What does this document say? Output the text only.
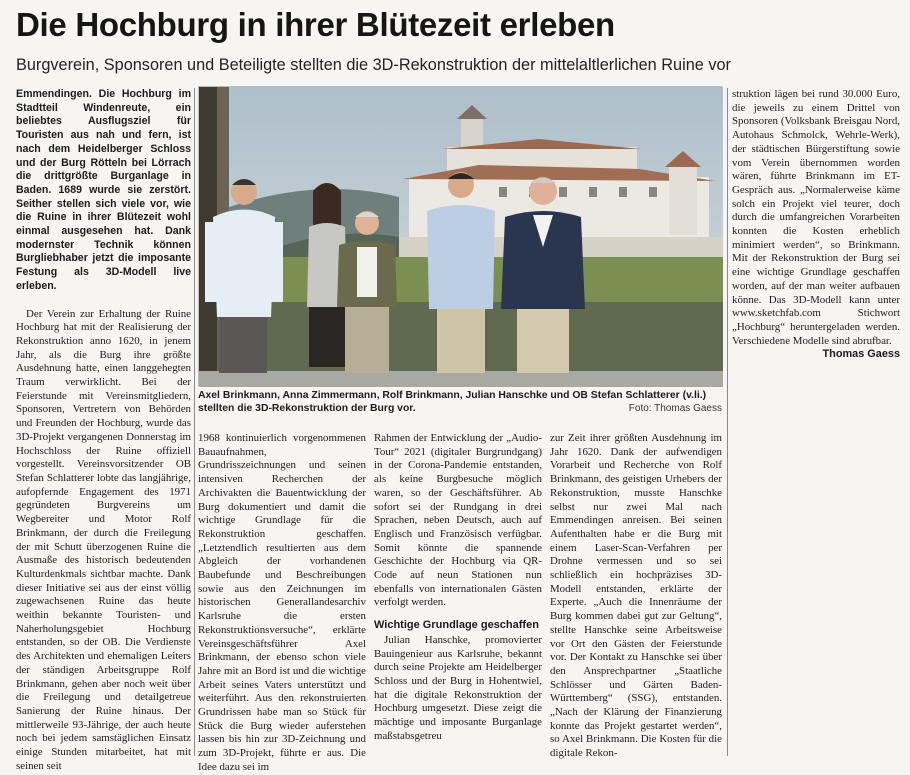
Die Hochburg in ihrer Blütezeit erleben
Burgverein, Sponsoren und Beteiligte stellten die 3D-Rekonstruktion der mittelaltlerlichen Ruine vor

Emmendingen. Die Hochburg im Stadtteil Windenreute, ein beliebtes Ausflugsziel für Touristen aus nah und fern, ist nach dem Heidelberger Schloss und der Burg Rötteln bei Lörrach die drittgrößte Burganlage in Baden. 1689 wurde sie zerstört. Seither stellen sich viele vor, wie die Ruine in ihrer Blütezeit wohl einmal ausgesehen hat. Dank modernster Technik können Burgliebhaber jetzt die imposante Festung als 3D-Modell live erleben.

Der Verein zur Erhaltung der Ruine Hochburg hat mit der Realisierung der Rekonstruktion anno 1620, in jenem Jahr, als die Burg ihre größte Ausdehnung hatte, einen langgehegten Traum verwirklicht. Bei der Feierstunde mit Vereinsmitgliedern, Sponsoren, Vertretern von Behörden und Freunden der Hochburg, wurde das 3D-Projekt vergangenen Donnerstag im Hochschloss der Ruine offiziell vorgestellt. Vereinsvorsitzender OB Stefan Schlatterer lobte das langjährige, aufopfernde Engagement des 1971 gegründeten Burgvereins um Wegbereiter und Motor Rolf Brinkmann, der durch die Freilegung der mit Schutt überzogenen Ruine die Ausmaße des historisch bedeutenden Kulturdenkmals sichtbar machte. Dank dieser Initiative sei aus der einst völlig zugewachsenen Ruine das heute weithin bekannte Touristen- und Naherholungsgebiet Hochburg entstanden, so der OB. Die Verdienste des Architekten und ehemaligen Leiters der ständigen Arbeitsgruppe Rolf Brinkmann, gehen aber noch weit über die Freilegung und detailgetreue Sanierung der Ruine hinaus. Der mittlerweile 93-Jährige, der auch heute noch bei jedem samstäglichen Einsatz einige Stunden mitarbeitet, hat mit seinen seit

Axel Brinkmann, Anna Zimmermann, Rolf Brinkmann, Julian Hanschke und OB Stefan Schlatterer (v.li.) stellten die 3D-Rekonstruktion der Burg vor.	Foto: Thomas Gaess

struktion lägen bei rund 30.000 Euro, die jeweils zu einem Drittel von Sponsoren (Volksbank Breisgau Nord, Autohaus Schmolck, Wehrle-Werk), der städtischen Bürgerstiftung sowie vom Verein übernommen worden wären, führte Brinkmann im ET-Gespräch aus. „Normalerweise käme solch ein Projekt viel teurer, doch durch die umfangreichen Vorarbeiten konnten die Kosten erheblich minimiert werden“, so Brinkmann. Mit der Rekonstruktion der Burg sei eine wichtige Grundlage geschaffen worden, auf der man weiter aufbauen könne. Das 3D-Modell kann unter www.sketchfab.com Stichwort „Hochburg“ heruntergeladen werden. Verschiedene Modelle sind abrufbar.

Thomas Gaess

1968 kontinuierlich vorgenommenen Bauaufnahmen, Grundrisszeichnungen und seinen intensiven Recherchen der Archivakten die Bauentwicklung der Burg dokumentiert und damit die wichtige Grundlage für die Rekonstruktion geschaffen. „Letztendlich resultierten aus dem Abgleich der vorhandenen Baubefunde und Beschreibungen sowie aus den Zeichnungen im historischen Generallandesarchiv Karlsruhe die ersten Rekonstruktionsversuche“, erklärte Vereinsgeschäftsführer Axel Brinkmann, der ebenso schon viele Jahre mit an Bord ist und die wichtige Arbeit seines Vaters unterstützt und weiterführt. Aus den rekonstruierten Grundrissen habe man so Stück für Stück die Burg wieder auferstehen lassen bis hin zur 3D-Zeichnung und zum 3D-Projekt, führte er aus. Die Idee dazu sei im

Rahmen der Entwicklung der „Audio-Tour“ 2021 (digitaler Burgrundgang) in der Corona-Pandemie entstanden, als keine Burgbesuche möglich waren, so der Geschäftsführer. Ab sofort sei der Rundgang in drei Sprachen, neben Deutsch, auch auf Englisch und Französisch verfügbar. Somit könnte die spannende Geschichte der Hochburg via QR-Code auf neun Stationen nun ebenfalls von internationalen Gästen verfolgt werden.

Wichtige Grundlage geschaffen

Julian Hanschke, promovierter Bauingenieur aus Karlsruhe, bekannt durch seine Projekte am Heidelberger Schloss und der Burg in Hohentwiel, hat die digitale Rekonstruktion der Hochburg umgesetzt. Diese zeigt die mächtige und imposante Burganlage maßstabsgetreu

zur Zeit ihrer größten Ausdehnung im Jahr 1620. Dank der aufwendigen Vorarbeit und Recherche von Rolf Brinkmann, des geistigen Urhebers der Rekonstruktion, musste Hanschke selbst nur zwei Mal nach Emmendingen anreisen. Bei seinen Aufenthalten habe er die Burg mit einem Laser-Scan-Verfahren per Drohne vermessen und so sei schließlich ein hochpräzises 3D-Modell entstanden, erklärte der Experte. „Auch die Innenräume der Burg kommen dabei gut zur Geltung“, stellte Hanschke seine Arbeitsweise vor Ort den Gästen der Feierstunde vor. Der Kontakt zu Hanschke sei über den Ansprechpartner „Staatliche Schlösser und Gärten Baden-Württemberg“ (SSG), entstanden. „Nach der Klärung der Finanzierung konnte das Projekt gestartet werden“, so Axel Brinkmann. Die Kosten für die digitale Rekon-
